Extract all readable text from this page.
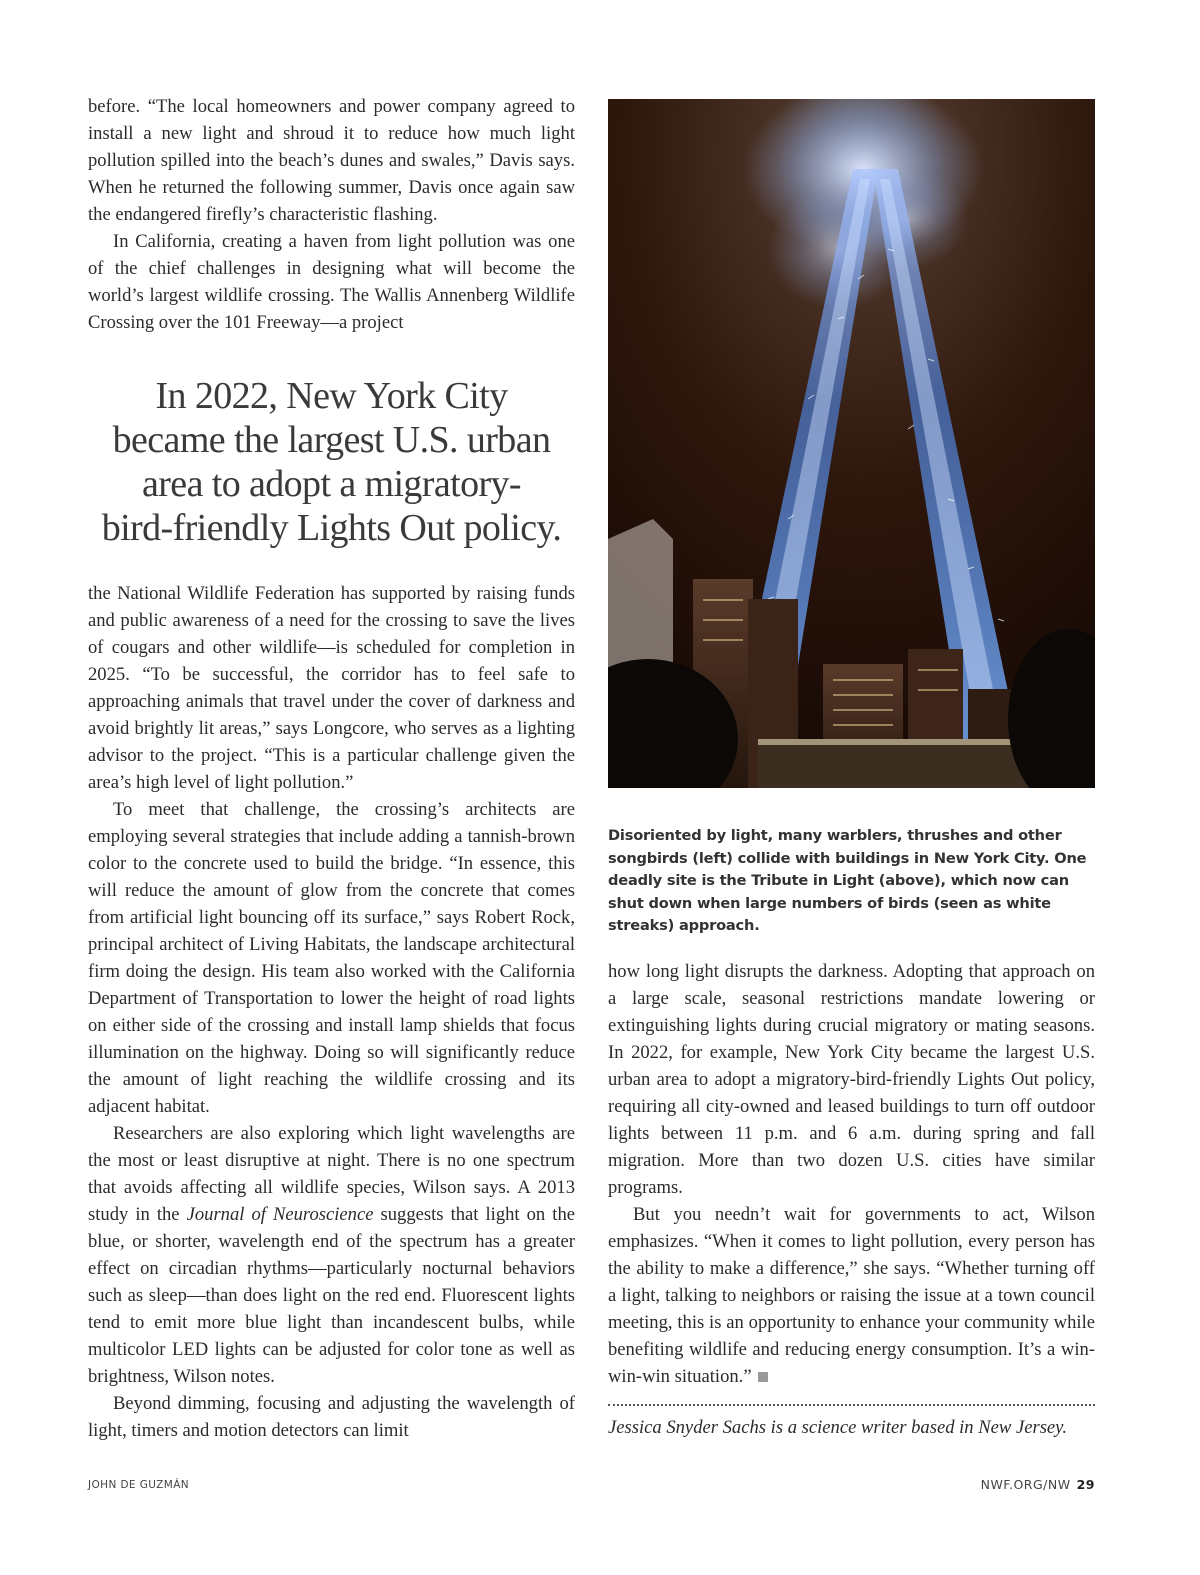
before. “The local homeowners and power company agreed to install a new light and shroud it to reduce how much light pollution spilled into the beach’s dunes and swales,” Davis says. When he returned the following summer, Davis once again saw the endangered firefly’s characteristic flashing.

In California, creating a haven from light pollution was one of the chief challenges in designing what will become the world’s largest wildlife crossing. The Wallis Annenberg Wildlife Crossing over the 101 Freeway—a project

In 2022, New York City
became the largest U.S. urban
area to adopt a migratory-
bird-friendly Lights Out policy.

the National Wildlife Federation has supported by raising funds and public awareness of a need for the crossing to save the lives of cougars and other wildlife—is scheduled for completion in 2025. “To be successful, the corridor has to feel safe to approaching animals that travel under the cover of darkness and avoid brightly lit areas,” says Longcore, who serves as a lighting advisor to the project. “This is a particular challenge given the area’s high level of light pollution.”

To meet that challenge, the crossing’s architects are employing several strategies that include adding a tannish-brown color to the concrete used to build the bridge. “In essence, this will reduce the amount of glow from the concrete that comes from artificial light bouncing off its surface,” says Robert Rock, principal architect of Living Habitats, the landscape architectural firm doing the design. His team also worked with the California Department of Transportation to lower the height of road lights on either side of the crossing and install lamp shields that focus illumination on the highway. Doing so will significantly reduce the amount of light reaching the wildlife crossing and its adjacent habitat.

Researchers are also exploring which light wavelengths are the most or least disruptive at night. There is no one spectrum that avoids affecting all wildlife species, Wilson says. A 2013 study in the Journal of Neuroscience suggests that light on the blue, or shorter, wavelength end of the spectrum has a greater effect on circadian rhythms—particularly nocturnal behaviors such as sleep—than does light on the red end. Fluorescent lights tend to emit more blue light than incandescent bulbs, while multicolor LED lights can be adjusted for color tone as well as brightness, Wilson notes.

Beyond dimming, focusing and adjusting the wavelength of light, timers and motion detectors can limit

Disoriented by light, many warblers, thrushes and other songbirds (left) collide with buildings in New York City. One deadly site is the Tribute in Light (above), which now can shut down when large numbers of birds (seen as white streaks) approach.

how long light disrupts the darkness. Adopting that approach on a large scale, seasonal restrictions mandate lowering or extinguishing lights during crucial migratory or mating seasons. In 2022, for example, New York City became the largest U.S. urban area to adopt a migratory-bird-friendly Lights Out policy, requiring all city-owned and leased buildings to turn off outdoor lights between 11 p.m. and 6 a.m. during spring and fall migration. More than two dozen U.S. cities have similar programs.

But you needn’t wait for governments to act, Wilson emphasizes. “When it comes to light pollution, every person has the ability to make a difference,” she says. “Whether turning off a light, talking to neighbors or raising the issue at a town council meeting, this is an opportunity to enhance your community while benefiting wildlife and reducing energy consumption. It’s a win-win-win situation.”

Jessica Snyder Sachs is a science writer based in New Jersey.
JOHN DE GUZMÁN	NWF.ORG/NW 29
